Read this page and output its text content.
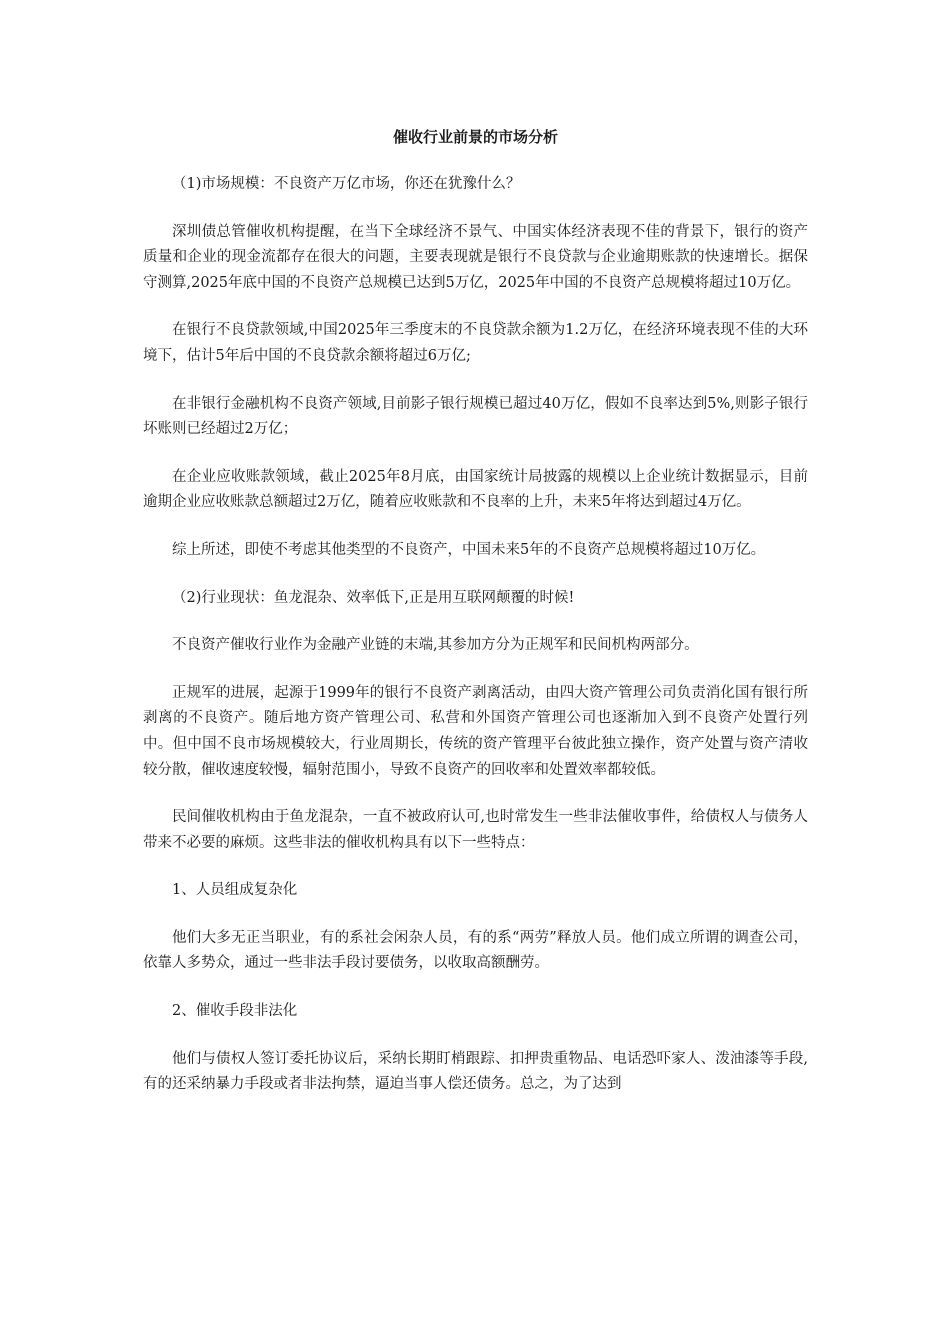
催收行业前景的市场分析

（1)市场规模：不良资产万亿市场，你还在犹豫什么？

深圳债总管催收机构提醒，在当下全球经济不景气、中国实体经济表现不佳的背景下，银行的资产质量和企业的现金流都存在很大的问题，主要表现就是银行不良贷款与企业逾期账款的快速增长。据保守测算,2025年底中国的不良资产总规模已达到5万亿，2025年中国的不良资产总规模将超过10万亿。

在银行不良贷款领域,中国2025年三季度末的不良贷款余额为1.2万亿，在经济环境表现不佳的大环境下，估计5年后中国的不良贷款余额将超过6万亿;

在非银行金融机构不良资产领域,目前影子银行规模已超过40万亿，假如不良率达到5%,则影子银行坏账则已经超过2万亿；

在企业应收账款领域，截止2025年8月底，由国家统计局披露的规模以上企业统计数据显示，目前逾期企业应收账款总额超过2万亿，随着应收账款和不良率的上升，未来5年将达到超过4万亿。

综上所述，即使不考虑其他类型的不良资产，中国未来5年的不良资产总规模将超过10万亿。

（2)行业现状：鱼龙混杂、效率低下,正是用互联网颠覆的时候!

不良资产催收行业作为金融产业链的末端,其参加方分为正规军和民间机构两部分。

正规军的进展，起源于1999年的银行不良资产剥离活动，由四大资产管理公司负责消化国有银行所剥离的不良资产。随后地方资产管理公司、私营和外国资产管理公司也逐渐加入到不良资产处置行列中。但中国不良市场规模较大，行业周期长，传统的资产管理平台彼此独立操作，资产处置与资产清收较分散，催收速度较慢，辐射范围小，导致不良资产的回收率和处置效率都较低。

民间催收机构由于鱼龙混杂，一直不被政府认可,也时常发生一些非法催收事件，给债权人与债务人带来不必要的麻烦。这些非法的催收机构具有以下一些特点：

1、人员组成复杂化

他们大多无正当职业，有的系社会闲杂人员，有的系“两劳”释放人员。他们成立所谓的调查公司，依靠人多势众，通过一些非法手段讨要债务，以收取高额酬劳。

2、催收手段非法化

他们与债权人签订委托协议后，采纳长期盯梢跟踪、扣押贵重物品、电话恐吓家人、泼油漆等手段,有的还采纳暴力手段或者非法拘禁，逼迫当事人偿还债务。总之，为了达到
